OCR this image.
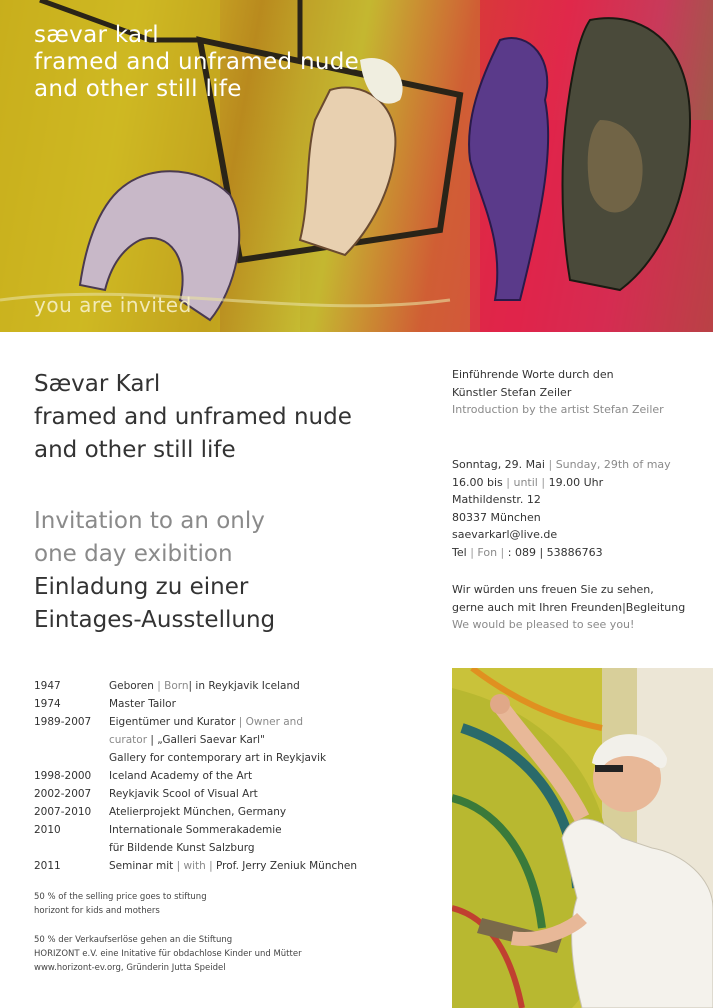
sævar karl
framed and unframed nude
and other still life
you are invited
Sævar Karl
framed and unframed nude
and other still life
Invitation to an only
one day exibition
Einladung zu einer
Eintages-Ausstellung
Einführende Worte durch den
Künstler Stefan Zeiler
Introduction by the artist Stefan Zeiler
Sonntag, 29. Mai | Sunday, 29th of may
16.00 bis | until | 19.00 Uhr
Mathildenstr. 12
80337 München
saevarkarl@live.de
Tel | Fon | : 089 | 53886763
Wir würden uns freuen Sie zu sehen,
gerne auch mit Ihren Freunden|Begleitung
We would be pleased to see you!
1947	Geboren | Born| in Reykjavik Iceland
1974	Master Tailor
1989-2007	Eigentümer und Kurator | Owner and
curator | „Galleri Saevar Karl"
Gallery for contemporary art in Reykjavik
1998-2000	Iceland Academy of the Art
2002-2007	Reykjavik Scool of Visual Art
2007-2010	Atelierprojekt München, Germany
2010	Internationale Sommerakademie
für Bildende Kunst Salzburg
2011	Seminar mit | with | Prof. Jerry Zeniuk München
50 % of the selling price goes to stiftung
horizont for kids and mothers
50 % der Verkaufserlöse gehen an die Stiftung
HORIZONT e.V. eine Initative für obdachlose Kinder und Mütter
www.horizont-ev.org, Gründerin Jutta Speidel
